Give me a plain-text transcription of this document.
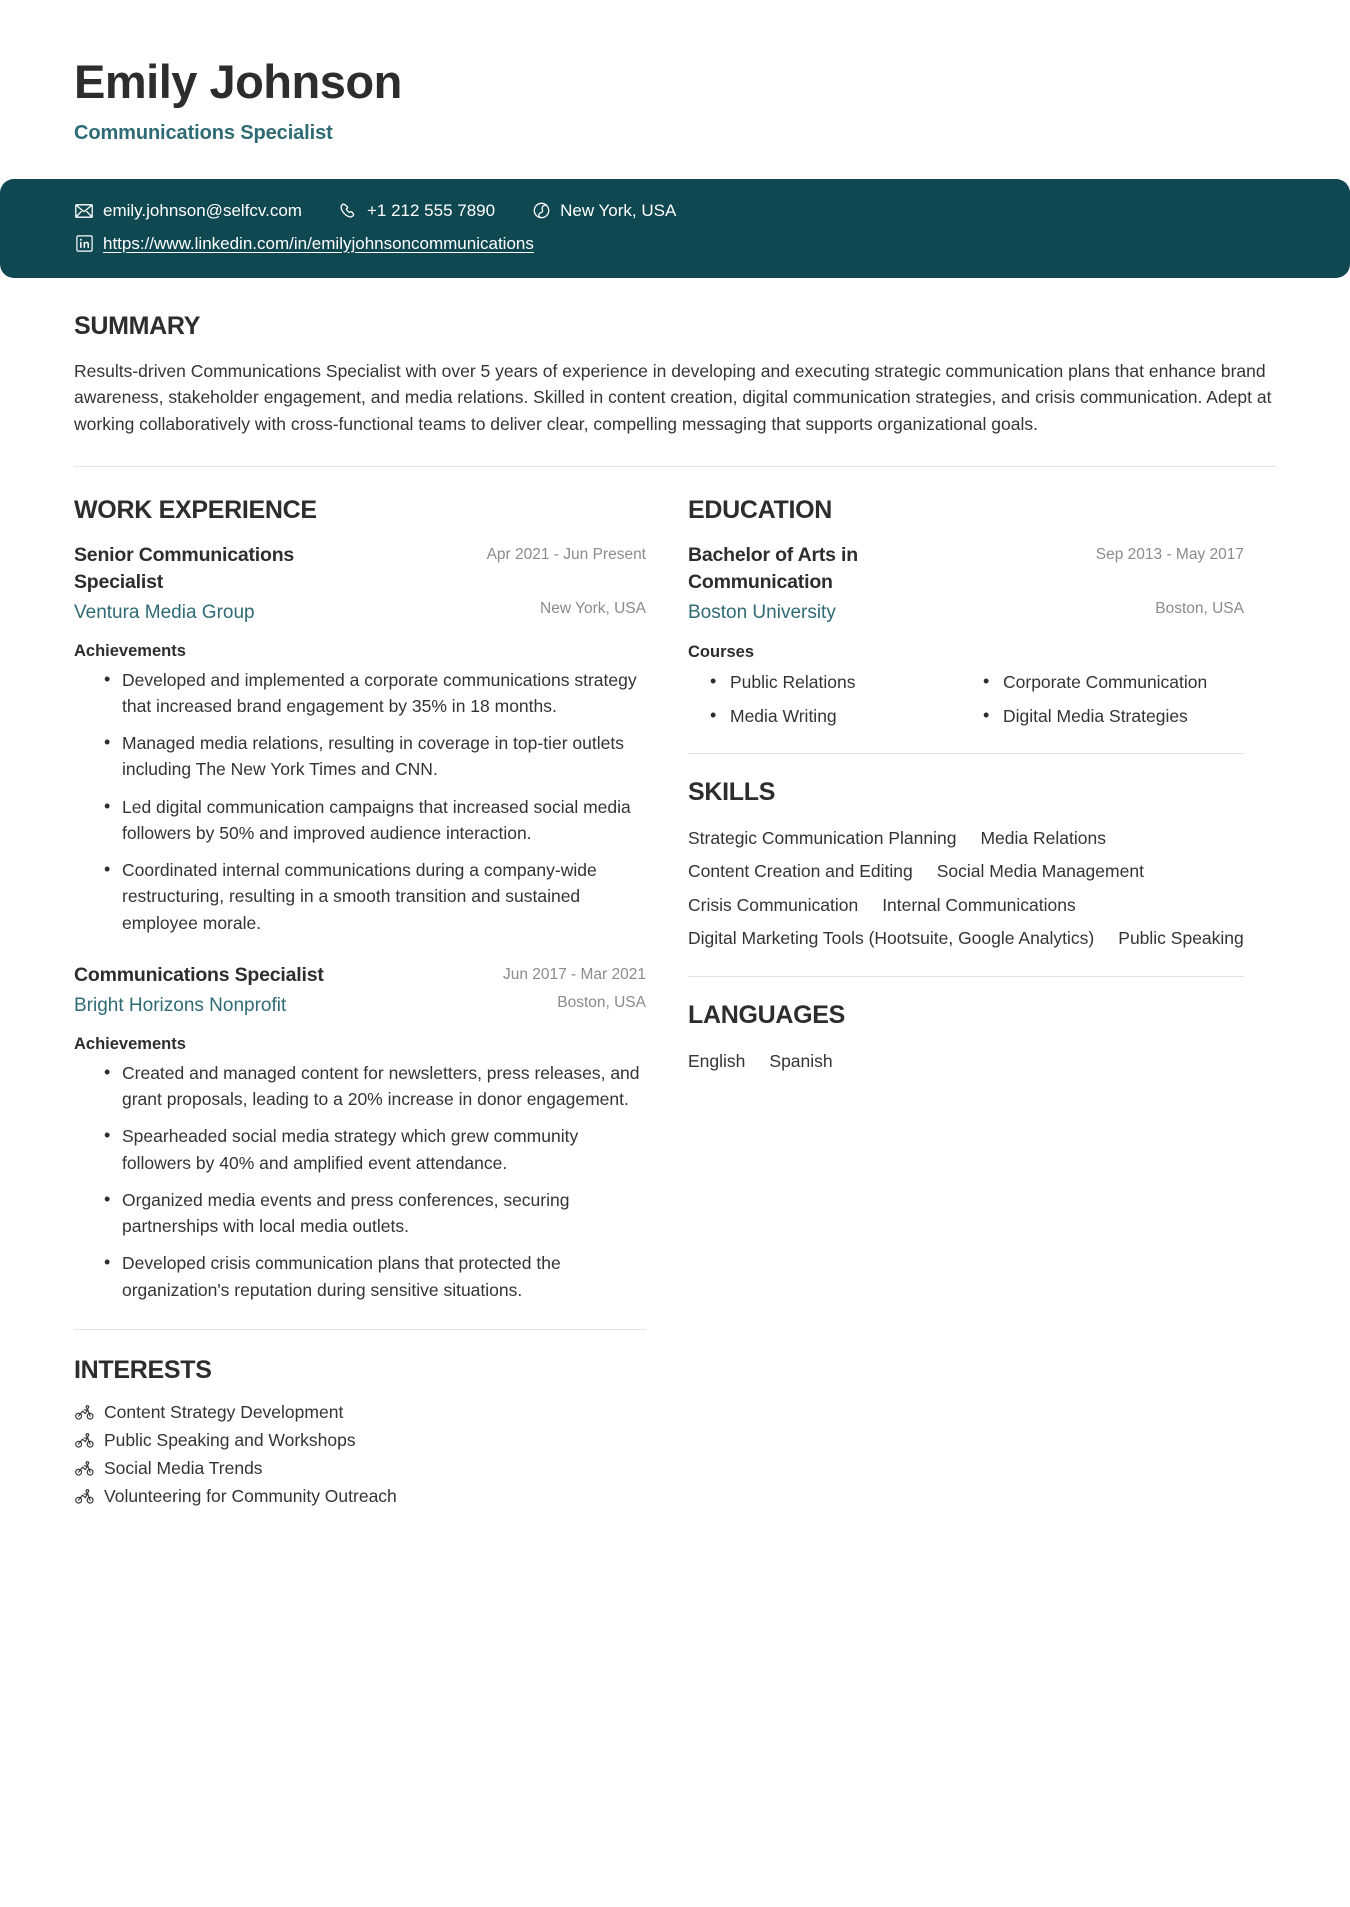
Emily Johnson
Communications Specialist
emily.johnson@selfcv.com	+1 212 555 7890	New York, USA
https://www.linkedin.com/in/emilyjohnsoncommunications
SUMMARY

Results-driven Communications Specialist with over 5 years of experience in developing and executing strategic communication plans that enhance brand awareness, stakeholder engagement, and media relations. Skilled in content creation, digital communication strategies, and crisis communication. Adept at working collaboratively with cross-functional teams to deliver clear, compelling messaging that supports organizational goals.

WORK EXPERIENCE
Senior Communications Specialist
Ventura Media Group
Apr 2021 - Jun Present
New York, USA
Achievements
• Developed and implemented a corporate communications strategy that increased brand engagement by 35% in 18 months.
• Managed media relations, resulting in coverage in top-tier outlets including The New York Times and CNN.
• Led digital communication campaigns that increased social media followers by 50% and improved audience interaction.
• Coordinated internal communications during a company-wide restructuring, resulting in a smooth transition and sustained employee morale.
Communications Specialist
Bright Horizons Nonprofit
Jun 2017 - Mar 2021
Boston, USA
Achievements
• Created and managed content for newsletters, press releases, and grant proposals, leading to a 20% increase in donor engagement.
• Spearheaded social media strategy which grew community followers by 40% and amplified event attendance.
• Organized media events and press conferences, securing partnerships with local media outlets.
• Developed crisis communication plans that protected the organization's reputation during sensitive situations.
INTERESTS
Content Strategy Development
Public Speaking and Workshops
Social Media Trends
Volunteering for Community Outreach
EDUCATION
Bachelor of Arts in Communication
Boston University
Sep 2013 - May 2017
Boston, USA
Courses
• Public Relations	• Corporate Communication
• Media Writing	• Digital Media Strategies
SKILLS
Strategic Communication Planning Media Relations
Content Creation and Editing Social Media Management
Crisis Communication Internal Communications
Digital Marketing Tools (Hootsuite, Google Analytics) Public Speaking
LANGUAGES
English Spanish
